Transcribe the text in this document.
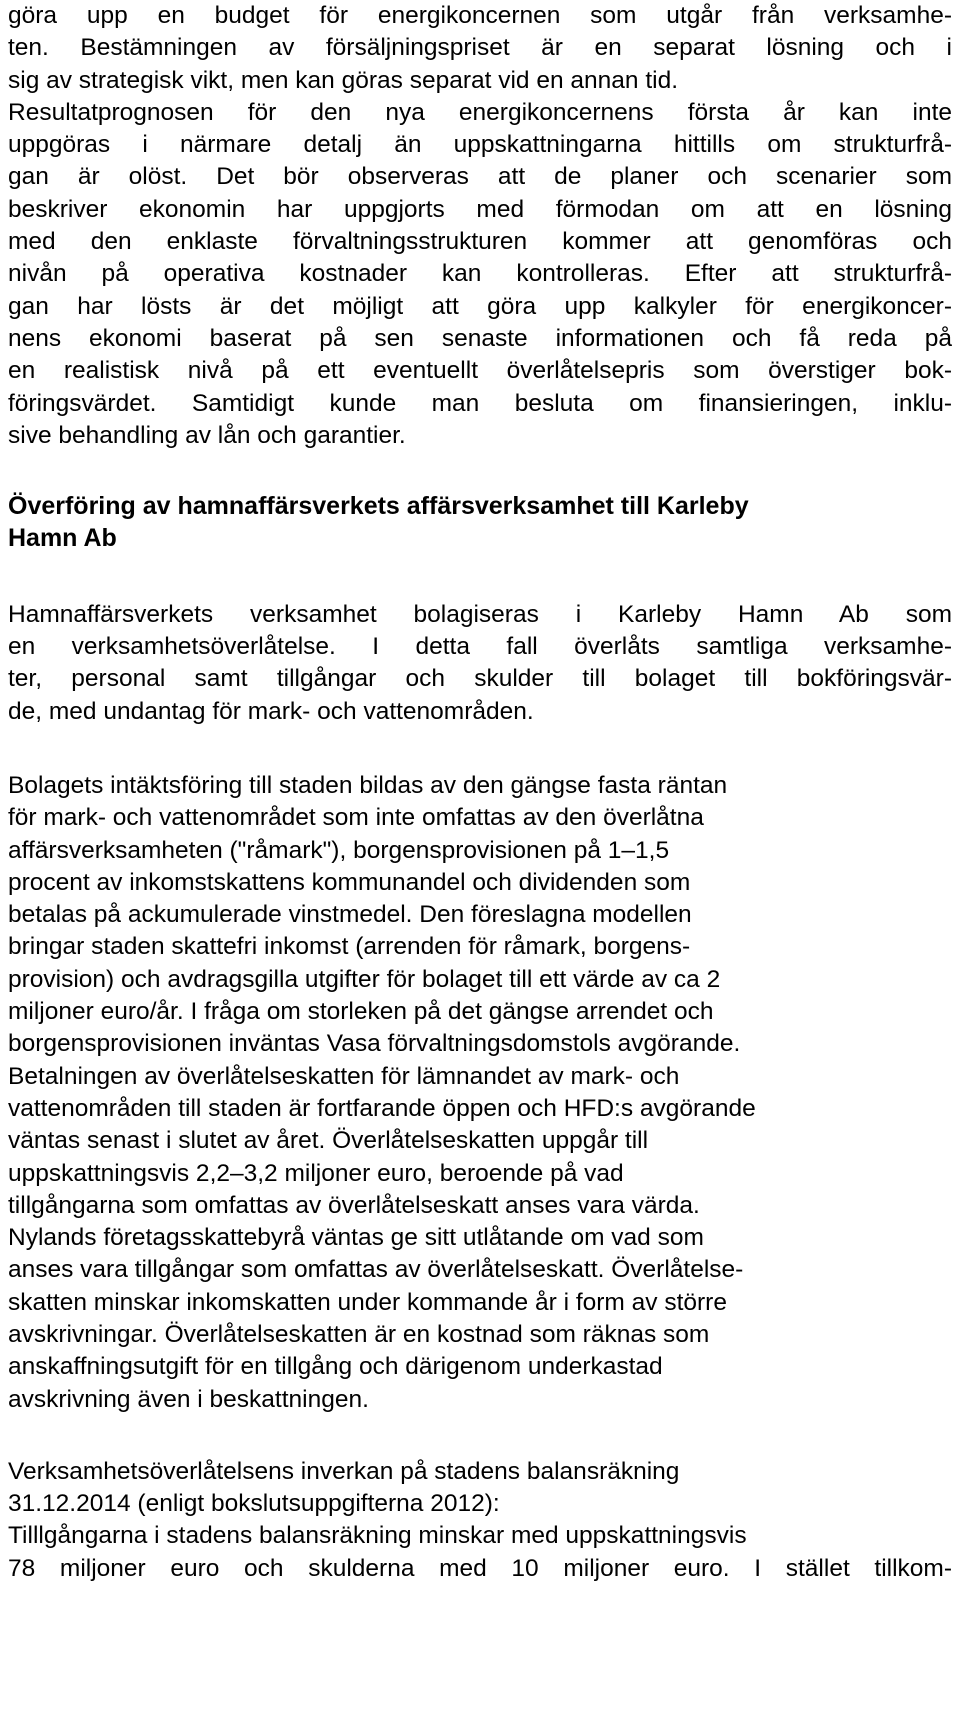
göra upp en budget för energikoncernen som utgår från verksamhe-
ten. Bestämningen av försäljningspriset är en separat lösning och i
sig av strategisk vikt, men kan göras separat vid en annan tid.
Resultatprognosen för den nya energikoncernens första år kan inte
uppgöras i närmare detalj än uppskattningarna hittills om strukturfrå-
gan är olöst. Det bör observeras att de planer och scenarier som
beskriver ekonomin har uppgjorts med förmodan om att en lösning
med den enklaste förvaltningsstrukturen kommer att genomföras och
nivån på operativa kostnader kan kontrolleras. Efter att strukturfrå-
gan har lösts är det möjligt att göra upp kalkyler för energikoncer-
nens ekonomi baserat på sen senaste informationen och få reda på
en realistisk nivå på ett eventuellt överlåtelsepris som överstiger bok-
föringsvärdet. Samtidigt kunde man besluta om finansieringen, inklu-
sive behandling av lån och garantier.
Överföring av hamnaffärsverkets affärsverksamhet till Karleby
Hamn Ab
Hamnaffärsverkets verksamhet bolagiseras i Karleby Hamn Ab som
en verksamhetsöverlåtelse. I detta fall överlåts samtliga verksamhe-
ter, personal samt tillgångar och skulder till bolaget till bokföringsvär-
de, med undantag för mark- och vattenområden.
Bolagets intäktsföring till staden bildas av den gängse fasta räntan
för mark- och vattenområdet som inte omfattas av den överlåtna
affärsverksamheten ("råmark"), borgensprovisionen på 1–1,5
procent av inkomstskattens kommunandel och dividenden som
betalas på ackumulerade vinstmedel. Den föreslagna modellen
bringar staden skattefri inkomst (arrenden för råmark, borgens-
provision) och avdragsgilla utgifter för bolaget till ett värde av ca 2
miljoner euro/år. I fråga om storleken på det gängse arrendet och
borgensprovisionen inväntas Vasa förvaltningsdomstols avgörande.
Betalningen av överlåtelseskatten för lämnandet av mark- och
vattenområden till staden är fortfarande öppen och HFD:s avgörande
väntas senast i slutet av året. Överlåtelseskatten uppgår till
uppskattningsvis 2,2–3,2 miljoner euro, beroende på vad
tillgångarna som omfattas av överlåtelseskatt anses vara värda.
Nylands företagsskattebyrå väntas ge sitt utlåtande om vad som
anses vara tillgångar som omfattas av överlåtelseskatt. Överlåtelse-
skatten minskar inkomskatten under kommande år i form av större
avskrivningar. Överlåtelseskatten är en kostnad som räknas som
anskaffningsutgift för en tillgång och därigenom underkastad
avskrivning även i beskattningen.
Verksamhetsöverlåtelsens inverkan på stadens balansräkning
31.12.2014 (enligt bokslutsuppgifterna 2012):
Tilllgångarna i stadens balansräkning minskar med uppskattningsvis
78 miljoner euro och skulderna med 10 miljoner euro. I stället tillkom-
